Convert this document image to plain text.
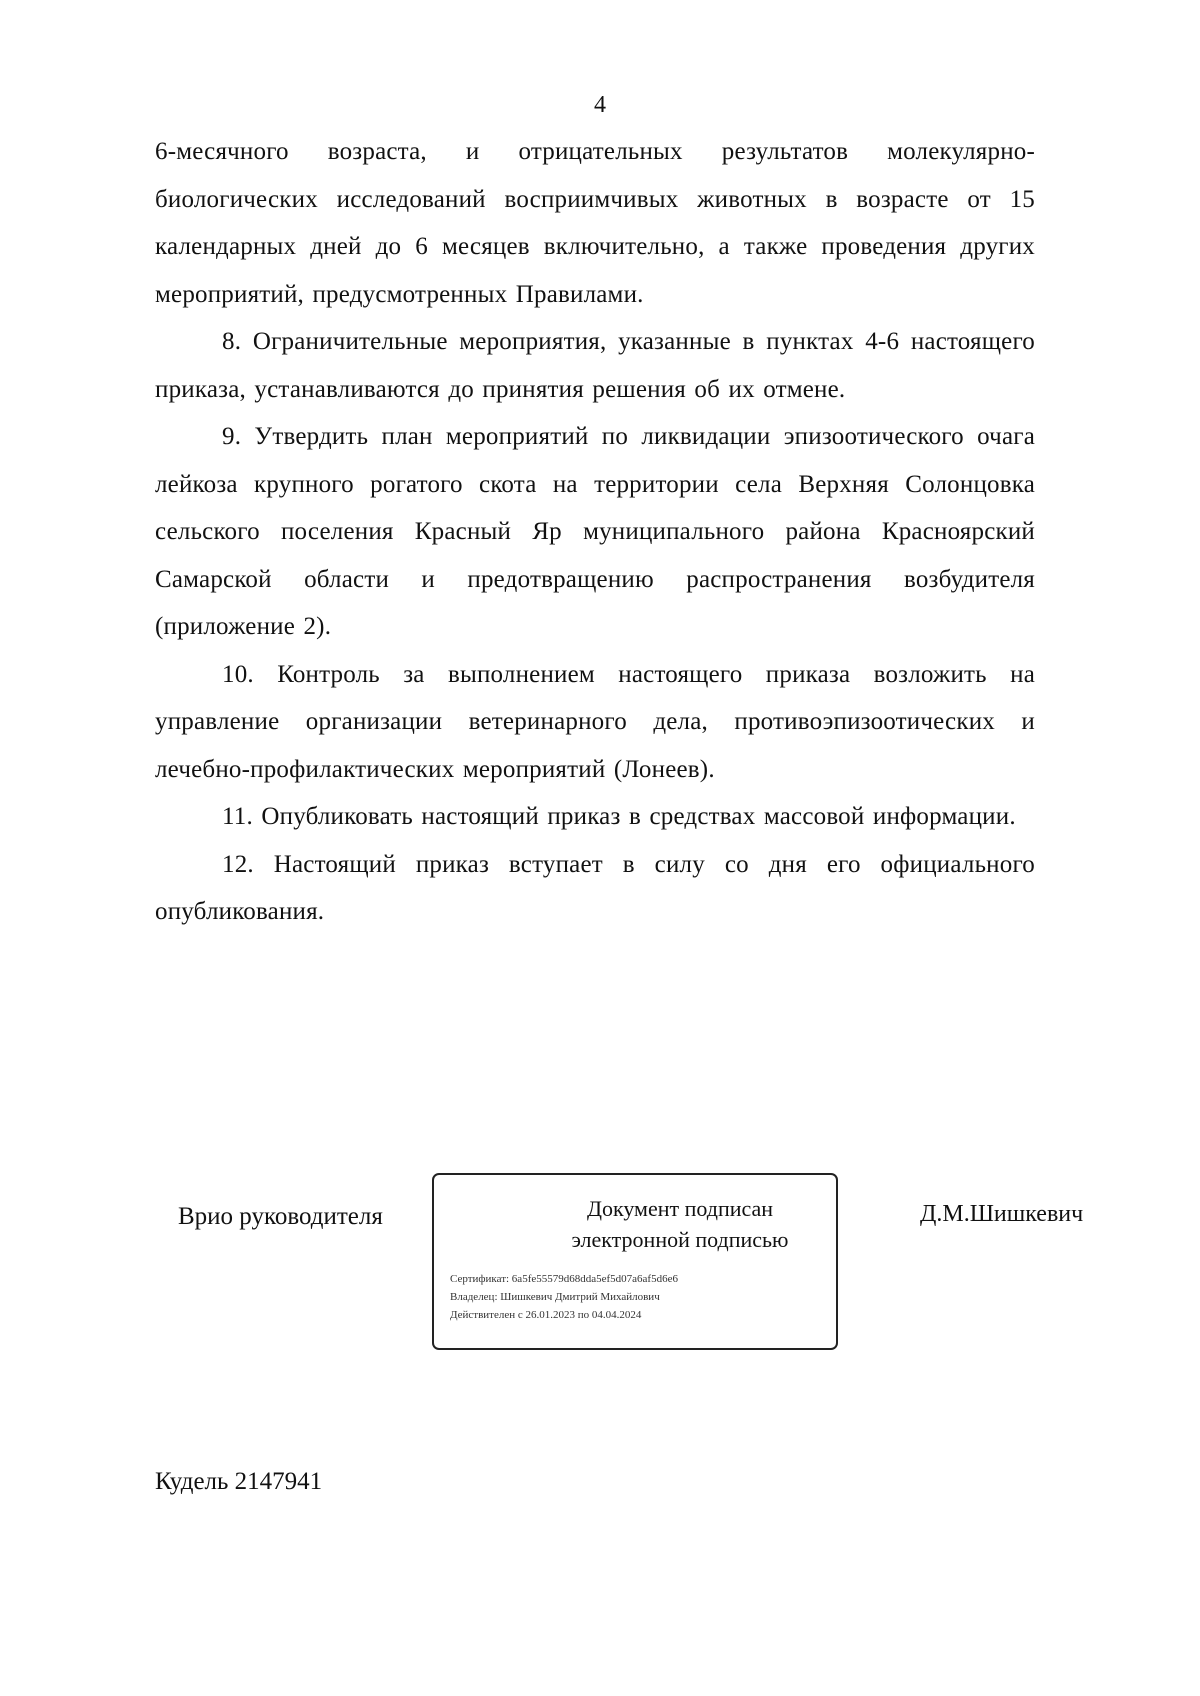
4

6-месячного возраста, и отрицательных результатов молекулярно-биологических исследований восприимчивых животных в возрасте от 15 календарных дней до 6 месяцев включительно, а также проведения других мероприятий, предусмотренных Правилами.

8. Ограничительные мероприятия, указанные в пунктах 4-6 настоящего приказа, устанавливаются до принятия решения об их отмене.

9. Утвердить план мероприятий по ликвидации эпизоотического очага лейкоза крупного рогатого скота на территории села Верхняя Солонцовка сельского поселения Красный Яр муниципального района Красноярский Самарской области и предотвращению распространения возбудителя (приложение 2).

10. Контроль за выполнением настоящего приказа возложить на управление организации ветеринарного дела, противоэпизоотических и лечебно-профилактических мероприятий (Лонеев).

11. Опубликовать настоящий приказ в средствах массовой информации.

12. Настоящий приказ вступает в силу со дня его официального опубликования.

Врио руководителя	Документ подписан
электронной подписью
Сертификат: 6a5fe55579d68dda5ef5d07a6af5d6e6
Владелец: Шишкевич Дмитрий Михайлович
Действителен с 26.01.2023 по 04.04.2024
Д.М.Шишкевич
Кудель 2147941
